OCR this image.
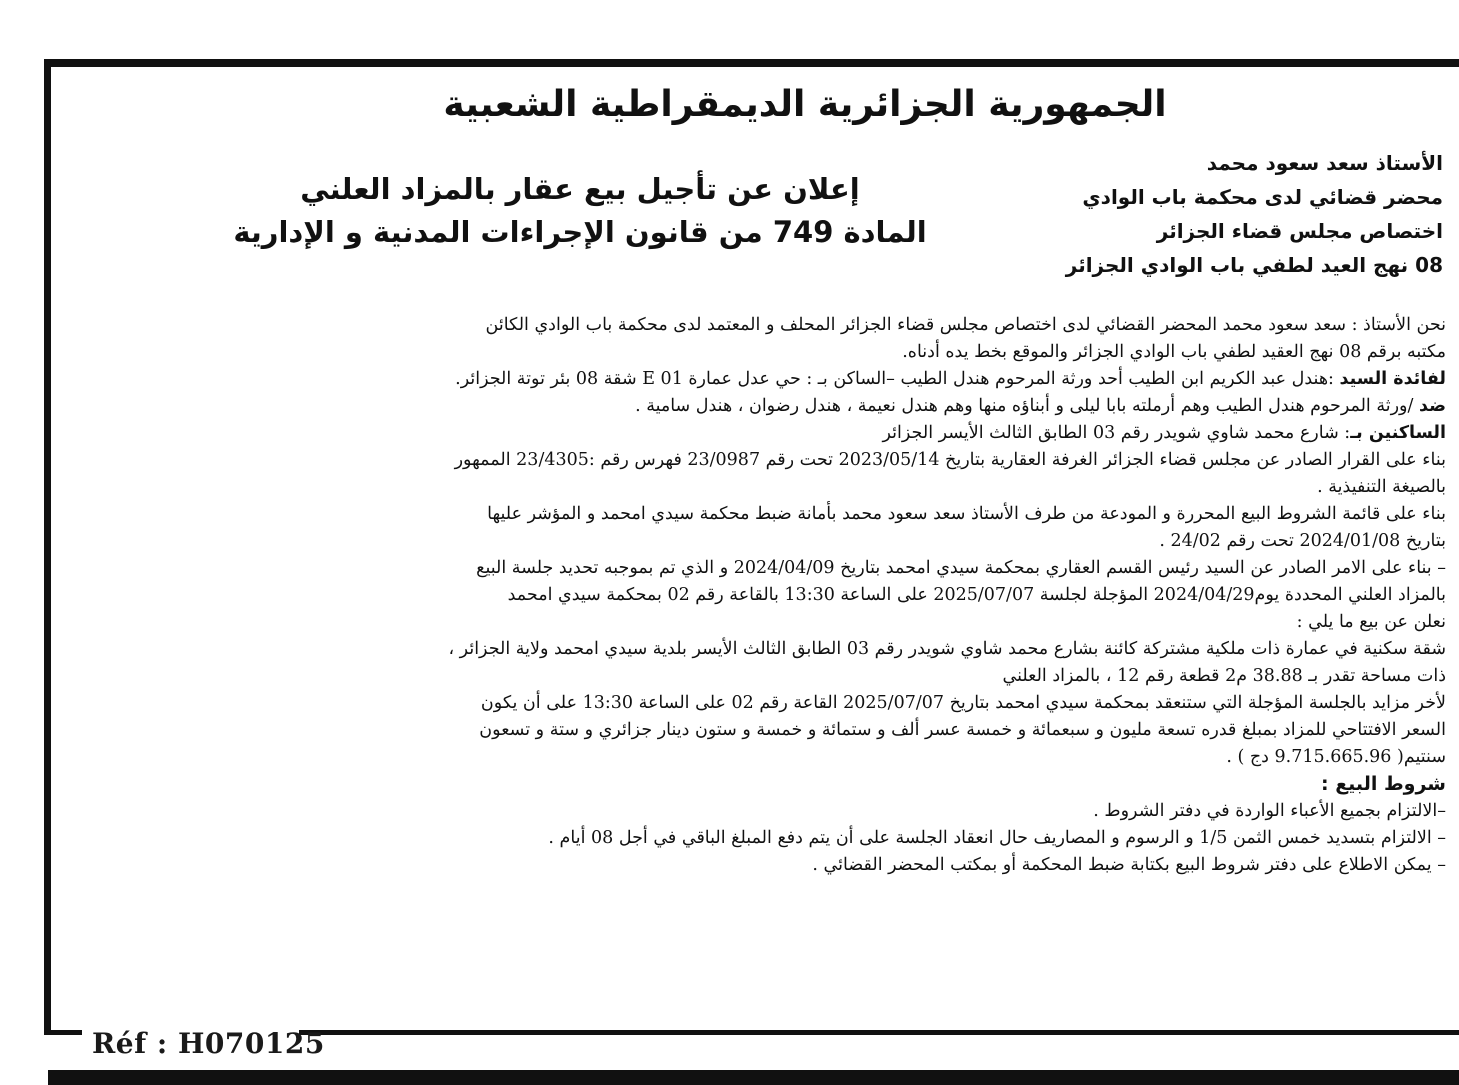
Réf : H070125
الجمهورية الجزائرية الديمقراطية الشعبية
الأستاذ سعد سعود محمد
محضر قضائي لدى محكمة باب الوادي
اختصاص مجلس قضاء الجزائر
08 نهج العيد لطفي باب الوادي الجزائر
إعلان عن تأجيل بيع عقار بالمزاد العلني
المادة 749 من قانون الإجراءات المدنية و الإدارية
نحن الأستاذ : سعد سعود محمد المحضر القضائي لدى اختصاص مجلس قضاء الجزائر المحلف و المعتمد لدى محكمة باب الوادي الكائن
مكتبه برقم 08 نهج العقيد لطفي باب الوادي الجزائر والموقع بخط يده أدناه.
لفائدة السيد :هندل عبد الكريم ابن الطيب أحد ورثة المرحوم هندل الطيب –الساكن بـ : حي عدل عمارة E 01 شقة 08 بئر توتة الجزائر.
ضد /ورثة المرحوم هندل الطيب وهم أرملته بابا ليلى و أبناؤه منها وهم هندل نعيمة ، هندل رضوان ، هندل سامية .
الساكنين بـ: شارع محمد شاوي شويدر رقم 03 الطابق الثالث الأيسر الجزائر
بناء على القرار الصادر عن مجلس قضاء الجزائر الغرفة العقارية بتاريخ 2023/05/14 تحت رقم 23/0987 فهرس رقم :23/4305 الممهور
بالصيغة التنفيذية .
بناء على قائمة الشروط البيع المحررة و المودعة من طرف الأستاذ سعد سعود محمد بأمانة ضبط محكمة سيدي امحمد و المؤشر عليها
بتاريخ 2024/01/08 تحت رقم 24/02 .
– بناء على الامر الصادر عن السيد رئيس القسم العقاري بمحكمة سيدي امحمد بتاريخ 2024/04/09 و الذي تم بموجبه تحديد جلسة البيع
بالمزاد العلني المحددة يوم2024/04/29 المؤجلة لجلسة 2025/07/07 على الساعة 13:30 بالقاعة رقم 02 بمحكمة سيدي امحمد
نعلن عن بيع ما يلي :
شقة سكنية في عمارة ذات ملكية مشتركة كائنة بشارع محمد شاوي شويدر رقم 03 الطابق الثالث الأيسر بلدية سيدي امحمد ولاية الجزائر ،
ذات مساحة تقدر بـ 38.88 م2 قطعة رقم 12 ، بالمزاد العلني
لأخر مزايد بالجلسة المؤجلة التي ستنعقد بمحكمة سيدي امحمد بتاريخ 2025/07/07 القاعة رقم 02 على الساعة 13:30 على أن يكون
السعر الافتتاحي للمزاد بمبلغ قدره تسعة مليون و سبعمائة و خمسة عسر ألف و ستمائة و خمسة و ستون دينار جزائري و ستة و تسعون
سنتيم( 9.715.665.96 دج ) .
شروط البيع :
–الالتزام بجميع الأعباء الواردة في دفتر الشروط .
– الالتزام بتسديد خمس الثمن 1/5 و الرسوم و المصاريف حال انعقاد الجلسة على أن يتم دفع المبلغ الباقي في أجل 08 أيام .
– يمكن الاطلاع على دفتر شروط البيع بكتابة ضبط المحكمة أو بمكتب المحضر القضائي .
